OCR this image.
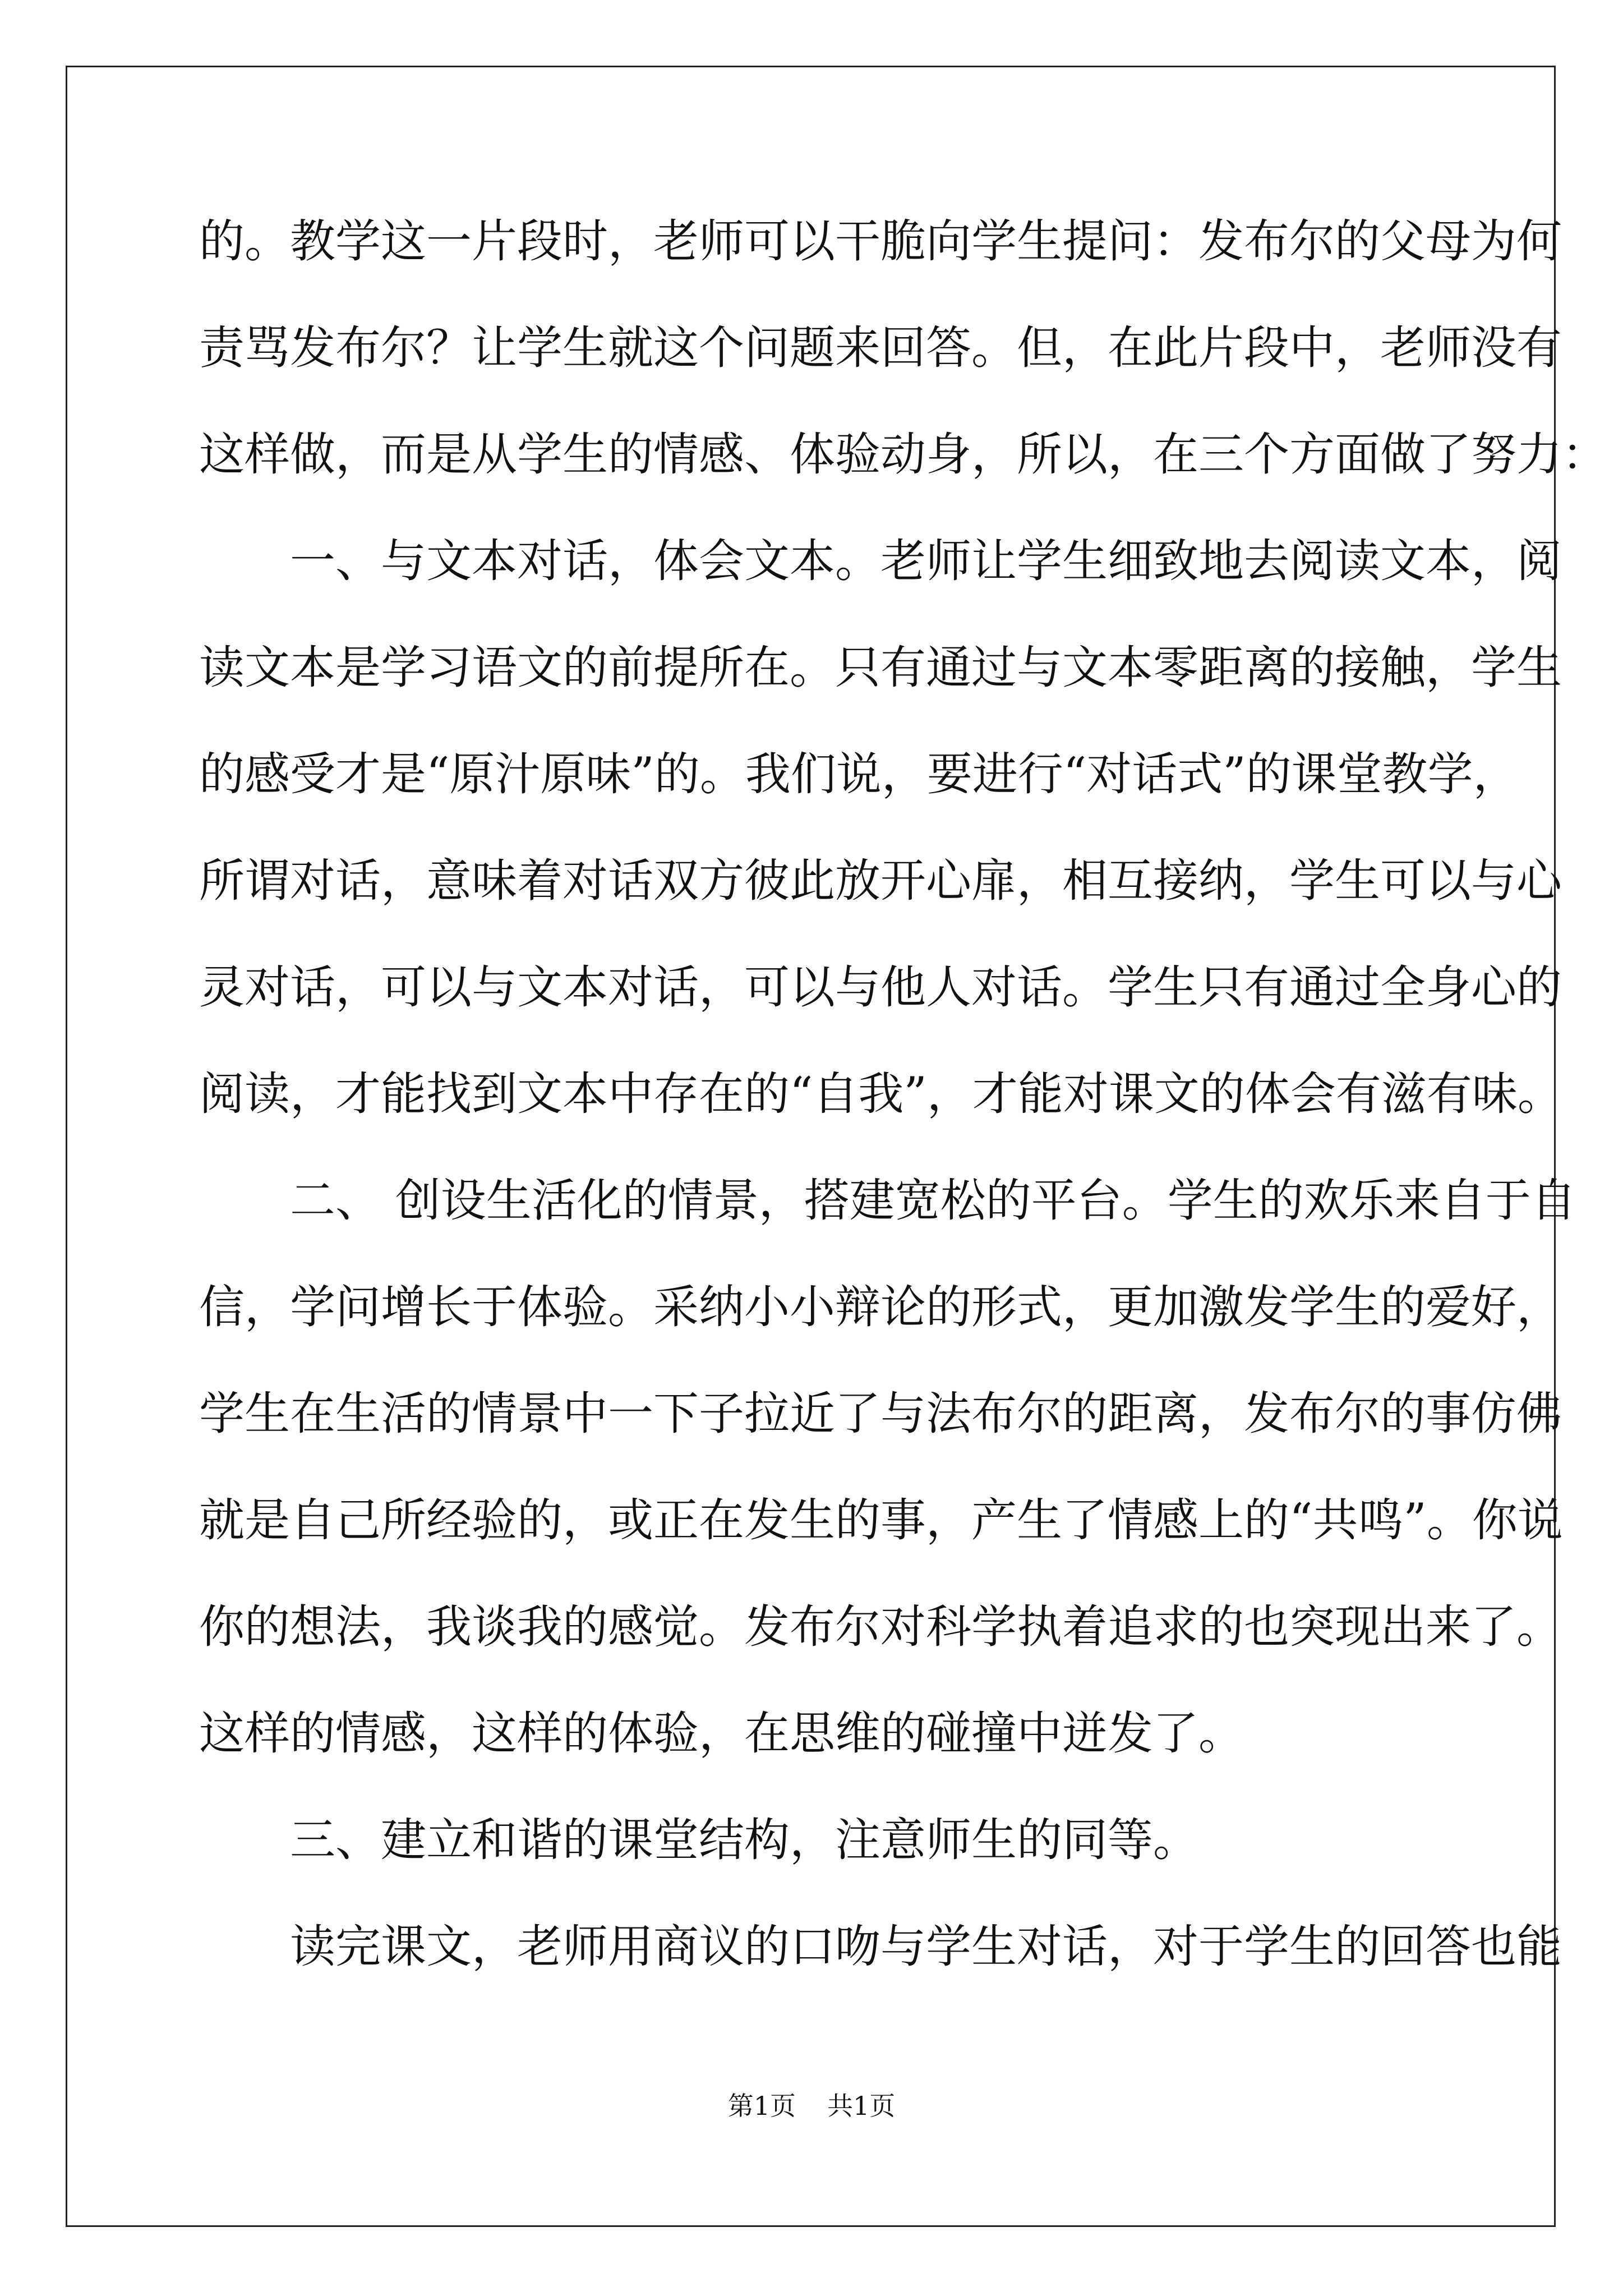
的。教学这一片段时，老师可以干脆向学生提问：发布尔的父母为何
责骂发布尔？让学生就这个问题来回答。但，在此片段中，老师没有
这样做，而是从学生的情感、体验动身，所以，在三个方面做了努力：
　　一、与文本对话，体会文本。老师让学生细致地去阅读文本，阅
读文本是学习语文的前提所在。只有通过与文本零距离的接触，学生
的感受才是“原汁原味”的。我们说，要进行“对话式”的课堂教学，
所谓对话，意味着对话双方彼此放开心扉，相互接纳，学生可以与心
灵对话，可以与文本对话，可以与他人对话。学生只有通过全身心的
阅读，才能找到文本中存在的“自我”，才能对课文的体会有滋有味。
　　二、 创设生活化的情景，搭建宽松的平台。学生的欢乐来自于自
信，学问增长于体验。采纳小小辩论的形式，更加激发学生的爱好，
学生在生活的情景中一下子拉近了与法布尔的距离，发布尔的事仿佛
就是自己所经验的，或正在发生的事，产生了情感上的“共鸣”。你说
你的想法，我谈我的感觉。发布尔对科学执着追求的也突现出来了。
这样的情感，这样的体验，在思维的碰撞中迸发了。
　　三、建立和谐的课堂结构，注意师生的同等。
　　读完课文，老师用商议的口吻与学生对话，对于学生的回答也能
第1页 共1页
